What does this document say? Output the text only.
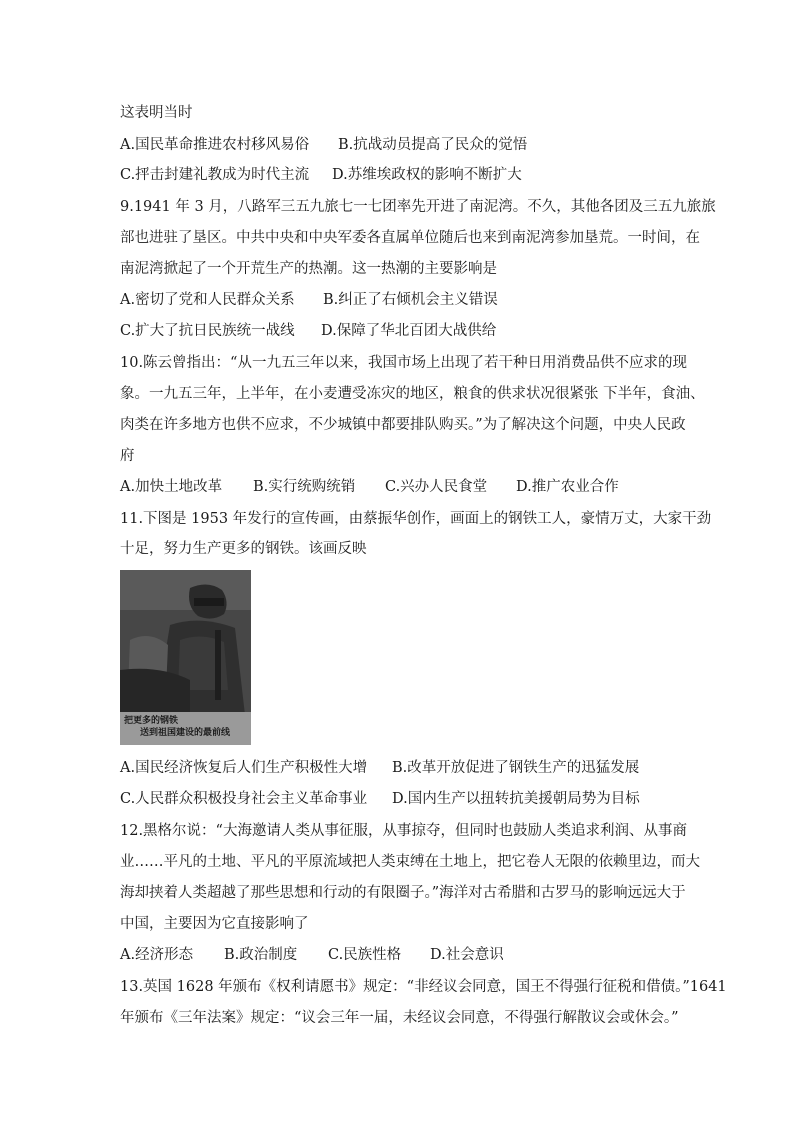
这表明当时
A.国民革命推进农村移风易俗 B.抗战动员提高了民众的觉悟
C.抨击封建礼教成为时代主流 D.苏维埃政权的影响不断扩大
9.1941 年 3 月，八路军三五九旅七一七团率先开进了南泥湾。不久，其他各团及三五九旅旅
部也进驻了垦区。中共中央和中央军委各直属单位随后也来到南泥湾参加垦荒。一时间，在
南泥湾掀起了一个开荒生产的热潮。这一热潮的主要影响是
A.密切了党和人民群众关系 B.纠正了右倾机会主义错误
C.扩大了抗日民族统一战线 D.保障了华北百团大战供给
10.陈云曾指出：“从一九五三年以来，我国市场上出现了若干种日用消费品供不应求的现
象。一九五三年，上半年，在小麦遭受冻灾的地区，粮食的供求状况很紧张 下半年，食油、
肉类在许多地方也供不应求，不少城镇中都要排队购买。”为了解决这个问题，中央人民政
府
A.加快土地改革 B.实行统购统销 C.兴办人民食堂 D.推广农业合作
11.下图是 1953 年发行的宣传画，由蔡振华创作，画面上的钢铁工人，豪情万丈，大家干劲
十足，努力生产更多的钢铁。该画反映
把更多的钢铁
送到祖国建设的最前线
A.国民经济恢复后人们生产积极性大增 B.改革开放促进了钢铁生产的迅猛发展
C.人民群众积极投身社会主义革命事业 D.国内生产以扭转抗美援朝局势为目标
12.黑格尔说：“大海邀请人类从事征服，从事掠夺，但同时也鼓励人类追求利润、从事商
业……平凡的土地、平凡的平原流域把人类束缚在土地上，把它卷人无限的依赖里边，而大
海却挟着人类超越了那些思想和行动的有限圈子。”海洋对古希腊和古罗马的影响远远大于
中国，主要因为它直接影响了
A.经济形态 B.政治制度 C.民族性格 D.社会意识
13.英国 1628 年颁布《权利请愿书》规定：“非经议会同意，国王不得强行征税和借债。”1641
年颁布《三年法案》规定：“议会三年一届，未经议会同意，不得强行解散议会或休会。”
